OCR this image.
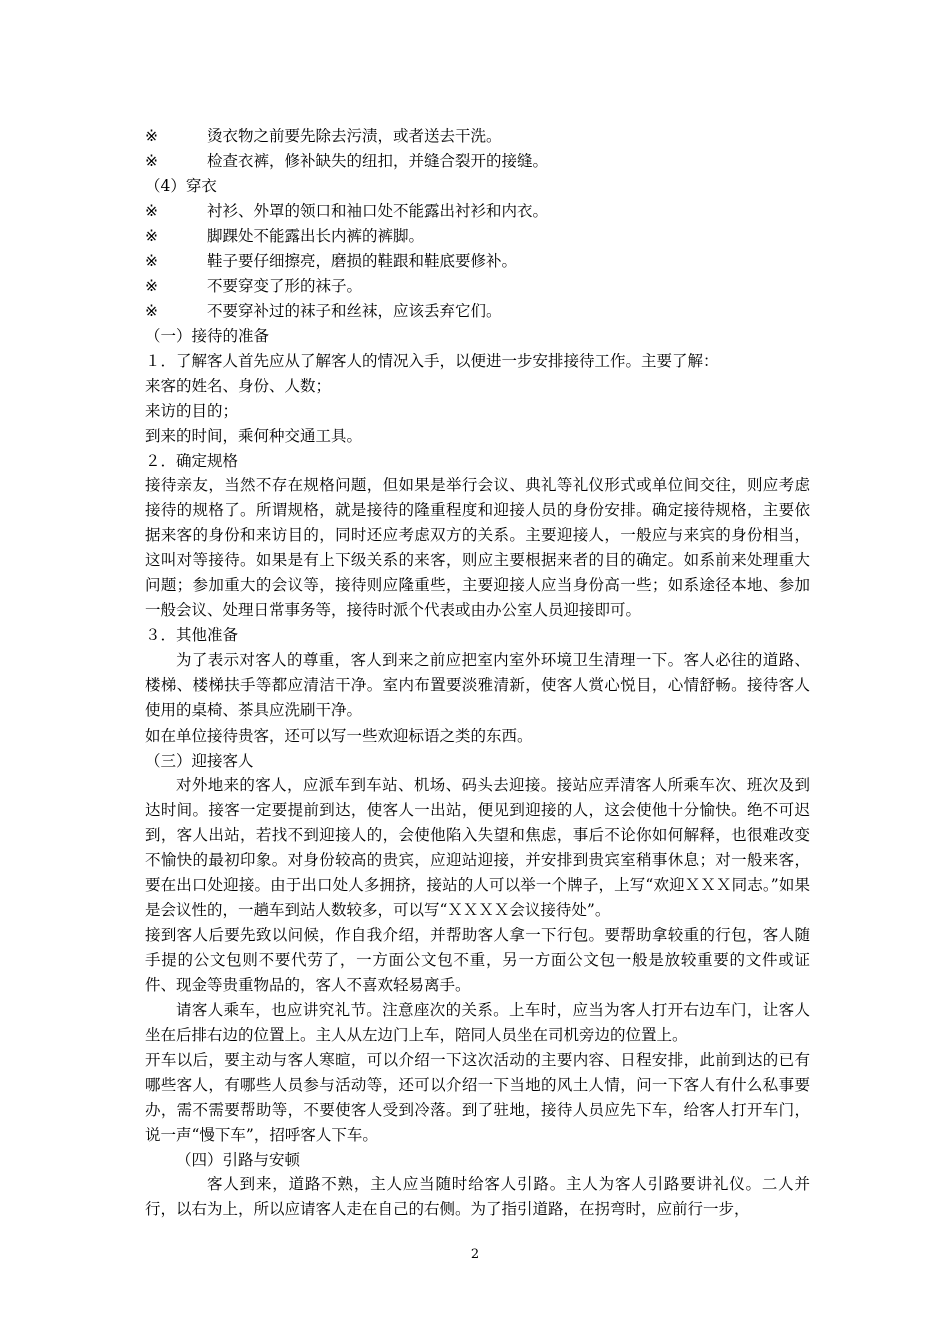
※	烫衣物之前要先除去污渍，或者送去干洗。
※	检查衣裤，修补缺失的纽扣，并缝合裂开的接缝。
（4）穿衣
※	衬衫、外罩的领口和袖口处不能露出衬衫和内衣。
※	脚踝处不能露出长内裤的裤脚。
※	鞋子要仔细擦亮，磨损的鞋跟和鞋底要修补。
※	不要穿变了形的袜子。
※	不要穿补过的袜子和丝袜，应该丢弃它们。
（一）接待的准备
１．了解客人首先应从了解客人的情况入手，以便进一步安排接待工作。主要了解：
来客的姓名、身份、人数；
来访的目的；
到来的时间，乘何种交通工具。
２．确定规格
接待亲友，当然不存在规格问题，但如果是举行会议、典礼等礼仪形式或单位间交往，则应考虑接待的规格了。所谓规格，就是接待的隆重程度和迎接人员的身份安排。确定接待规格，主要依据来客的身份和来访目的，同时还应考虑双方的关系。主要迎接人，一般应与来宾的身份相当，这叫对等接待。如果是有上下级关系的来客，则应主要根据来者的目的确定。如系前来处理重大问题；参加重大的会议等，接待则应隆重些，主要迎接人应当身份高一些；如系途径本地、参加一般会议、处理日常事务等，接待时派个代表或由办公室人员迎接即可。
３．其他准备
为了表示对客人的尊重，客人到来之前应把室内室外环境卫生清理一下。客人必往的道路、楼梯、楼梯扶手等都应清洁干净。室内布置要淡雅清新，使客人赏心悦目，心情舒畅。接待客人使用的桌椅、茶具应洗刷干净。
如在单位接待贵客，还可以写一些欢迎标语之类的东西。
（三）迎接客人
对外地来的客人，应派车到车站、机场、码头去迎接。接站应弄清客人所乘车次、班次及到达时间。接客一定要提前到达，使客人一出站，便见到迎接的人，这会使他十分愉快。绝不可迟到，客人出站，若找不到迎接人的，会使他陷入失望和焦虑，事后不论你如何解释，也很难改变不愉快的最初印象。对身份较高的贵宾，应迎站迎接，并安排到贵宾室稍事休息；对一般来客，要在出口处迎接。由于出口处人多拥挤，接站的人可以举一个牌子，上写“欢迎ＸＸＸ同志。”如果是会议性的，一趟车到站人数较多，可以写“ＸＸＸＸ会议接待处”。
接到客人后要先致以问候，作自我介绍，并帮助客人拿一下行包。要帮助拿较重的行包，客人随手提的公文包则不要代劳了，一方面公文包不重，另一方面公文包一般是放较重要的文件或证件、现金等贵重物品的，客人不喜欢轻易离手。
请客人乘车，也应讲究礼节。注意座次的关系。上车时，应当为客人打开右边车门，让客人坐在后排右边的位置上。主人从左边门上车，陪同人员坐在司机旁边的位置上。
开车以后，要主动与客人寒暄，可以介绍一下这次活动的主要内容、日程安排，此前到达的已有哪些客人，有哪些人员参与活动等，还可以介绍一下当地的风土人情，问一下客人有什么私事要办，需不需要帮助等，不要使客人受到冷落。到了驻地，接待人员应先下车，给客人打开车门，说一声“慢下车”，招呼客人下车。
（四）引路与安顿
客人到来，道路不熟，主人应当随时给客人引路。主人为客人引路要讲礼仪。二人并行，以右为上，所以应请客人走在自己的右侧。为了指引道路，在拐弯时，应前行一步，
2
